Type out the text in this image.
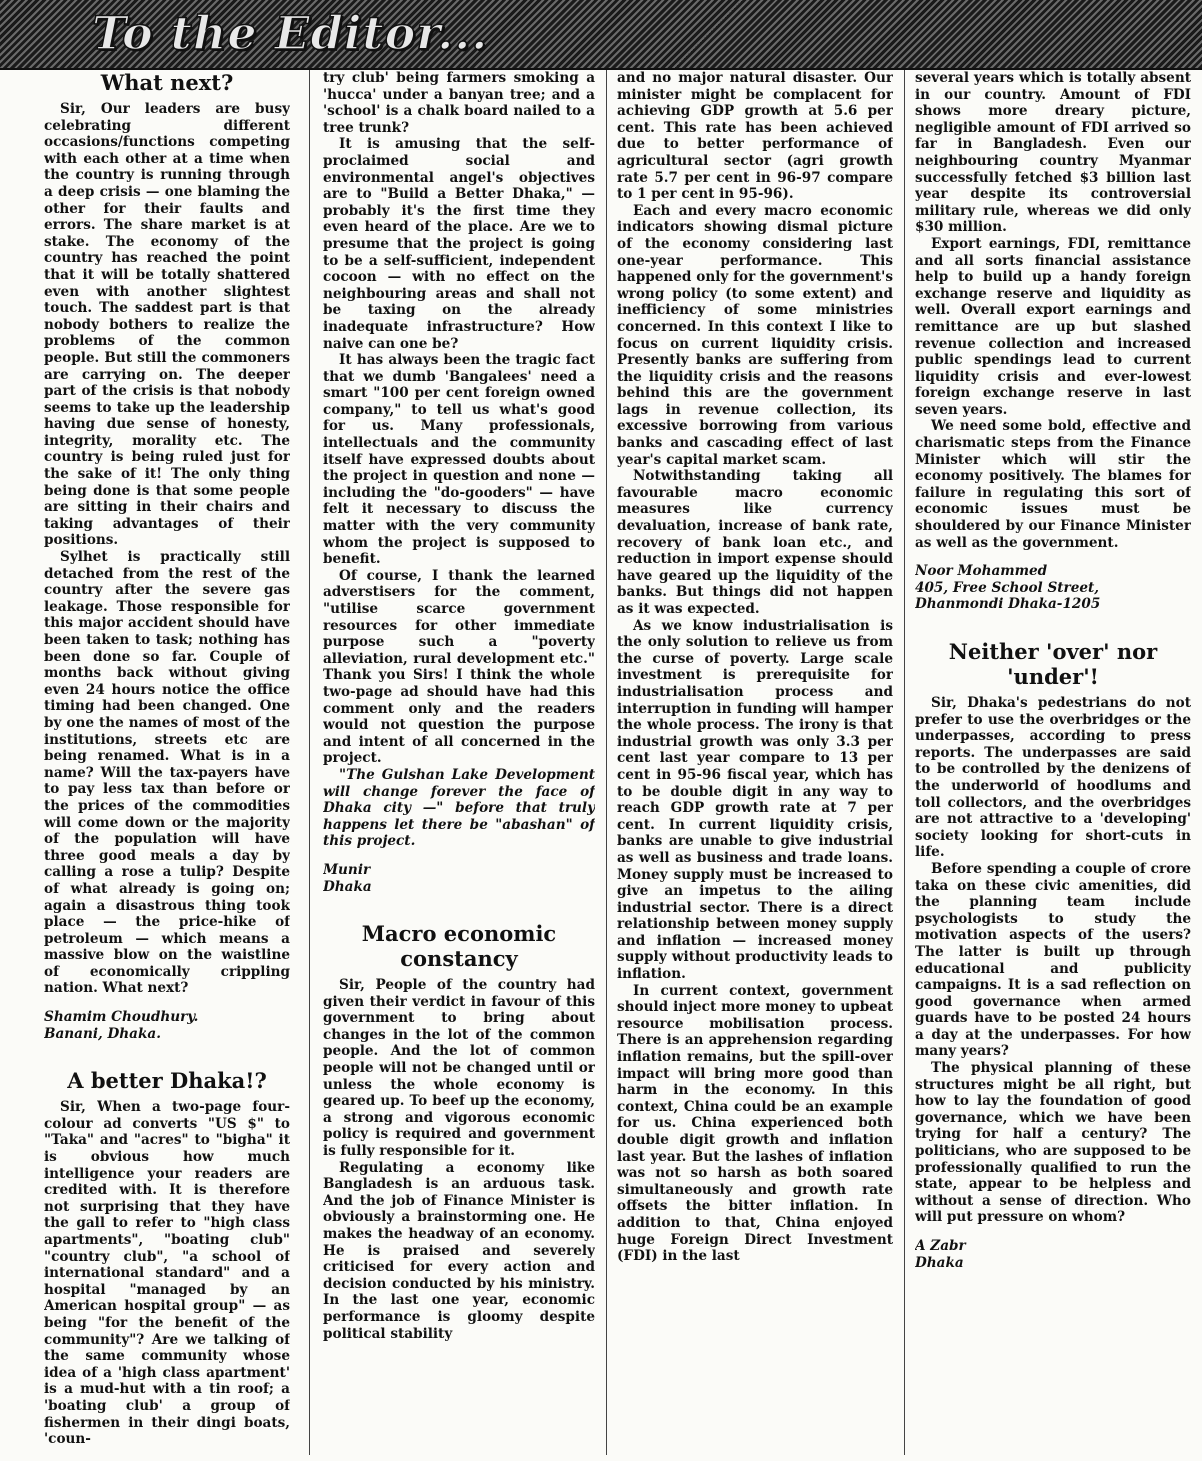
To the Editor...
What next?

Sir, Our leaders are busy celebrating different occasions/functions competing with each other at a time when the country is running through a deep crisis — one blaming the other for their faults and errors. The share market is at stake. The economy of the country has reached the point that it will be totally shattered even with another slightest touch. The saddest part is that nobody bothers to realize the problems of the common people. But still the commoners are carrying on. The deeper part of the crisis is that nobody seems to take up the leadership having due sense of honesty, integrity, morality etc. The country is being ruled just for the sake of it! The only thing being done is that some people are sitting in their chairs and taking advantages of their positions.

Sylhet is practically still detached from the rest of the country after the severe gas leakage. Those responsible for this major accident should have been taken to task; nothing has been done so far. Couple of months back without giving even 24 hours notice the office timing had been changed. One by one the names of most of the institutions, streets etc are being renamed. What is in a name? Will the tax-payers have to pay less tax than before or the prices of the commodities will come down or the majority of the population will have three good meals a day by calling a rose a tulip? Despite of what already is going on; again a disastrous thing took place — the price-hike of petroleum — which means a massive blow on the waistline of economically crippling nation. What next?

Shamim Choudhury.
Banani, Dhaka.
A better Dhaka!?

Sir, When a two-page four-colour ad converts "US $" to "Taka" and "acres" to "bigha" it is obvious how much intelligence your readers are credited with. It is therefore not surprising that they have the gall to refer to "high class apartments", "boating club" "country club", "a school of international standard" and a hospital "managed by an American hospital group" — as being "for the benefit of the community"? Are we talking of the same community whose idea of a 'high class apartment' is a mud-hut with a tin roof; a 'boating club' a group of fishermen in their dingi boats, 'coun-

try club' being farmers smoking a 'hucca' under a banyan tree; and a 'school' is a chalk board nailed to a tree trunk?

It is amusing that the self-proclaimed social and environmental angel's objectives are to "Build a Better Dhaka," — probably it's the first time they even heard of the place. Are we to presume that the project is going to be a self-sufficient, independent cocoon — with no effect on the neighbouring areas and shall not be taxing on the already inadequate infrastructure? How naive can one be?

It has always been the tragic fact that we dumb 'Bangalees' need a smart "100 per cent foreign owned company," to tell us what's good for us. Many professionals, intellectuals and the community itself have expressed doubts about the project in question and none — including the "do-gooders" — have felt it necessary to discuss the matter with the very community whom the project is supposed to benefit.

Of course, I thank the learned adverstisers for the comment, "utilise scarce government resources for other immediate purpose such a "poverty alleviation, rural development etc." Thank you Sirs! I think the whole two-page ad should have had this comment only and the readers would not question the purpose and intent of all concerned in the project.

"The Gulshan Lake Development will change forever the face of Dhaka city —" before that truly happens let there be "abashan" of this project.

Munir
Dhaka
Macro economic constancy

Sir, People of the country had given their verdict in favour of this government to bring about changes in the lot of the common people. And the lot of common people will not be changed until or unless the whole economy is geared up. To beef up the economy, a strong and vigorous economic policy is required and government is fully responsible for it.

Regulating a economy like Bangladesh is an arduous task. And the job of Finance Minister is obviously a brainstorming one. He makes the headway of an economy. He is praised and severely criticised for every action and decision conducted by his ministry. In the last one year, economic performance is gloomy despite political stability

and no major natural disaster. Our minister might be complacent for achieving GDP growth at 5.6 per cent. This rate has been achieved due to better performance of agricultural sector (agri growth rate 5.7 per cent in 96-97 compare to 1 per cent in 95-96).

Each and every macro economic indicators showing dismal picture of the economy considering last one-year performance. This happened only for the government's wrong policy (to some extent) and inefficiency of some ministries concerned. In this context I like to focus on current liquidity crisis. Presently banks are suffering from the liquidity crisis and the reasons behind this are the government lags in revenue collection, its excessive borrowing from various banks and cascading effect of last year's capital market scam.

Notwithstanding taking all favourable macro economic measures like currency devaluation, increase of bank rate, recovery of bank loan etc., and reduction in import expense should have geared up the liquidity of the banks. But things did not happen as it was expected.

As we know industrialisation is the only solution to relieve us from the curse of poverty. Large scale investment is prerequisite for industrialisation process and interruption in funding will hamper the whole process. The irony is that industrial growth was only 3.3 per cent last year compare to 13 per cent in 95-96 fiscal year, which has to be double digit in any way to reach GDP growth rate at 7 per cent. In current liquidity crisis, banks are unable to give industrial as well as business and trade loans. Money supply must be increased to give an impetus to the ailing industrial sector. There is a direct relationship between money supply and inflation — increased money supply without productivity leads to inflation.

In current context, government should inject more money to upbeat resource mobilisation process. There is an apprehension regarding inflation remains, but the spill-over impact will bring more good than harm in the economy. In this context, China could be an example for us. China experienced both double digit growth and inflation last year. But the lashes of inflation was not so harsh as both soared simultaneously and growth rate offsets the bitter inflation. In addition to that, China enjoyed huge Foreign Direct Investment (FDI) in the last

several years which is totally absent in our country. Amount of FDI shows more dreary picture, negligible amount of FDI arrived so far in Bangladesh. Even our neighbouring country Myanmar successfully fetched $3 billion last year despite its controversial military rule, whereas we did only $30 million.

Export earnings, FDI, remittance and all sorts financial assistance help to build up a handy foreign exchange reserve and liquidity as well. Overall export earnings and remittance are up but slashed revenue collection and increased public spendings lead to current liquidity crisis and ever-lowest foreign exchange reserve in last seven years.

We need some bold, effective and charismatic steps from the Finance Minister which will stir the economy positively. The blames for failure in regulating this sort of economic issues must be shouldered by our Finance Minister as well as the government.

Noor Mohammed
405, Free School Street,
Dhanmondi Dhaka-1205
Neither 'over' nor 'under'!

Sir, Dhaka's pedestrians do not prefer to use the overbridges or the underpasses, according to press reports. The underpasses are said to be controlled by the denizens of the underworld of hoodlums and toll collectors, and the overbridges are not attractive to a 'developing' society looking for short-cuts in life.

Before spending a couple of crore taka on these civic amenities, did the planning team include psychologists to study the motivation aspects of the users? The latter is built up through educational and publicity campaigns. It is a sad reflection on good governance when armed guards have to be posted 24 hours a day at the underpasses. For how many years?

The physical planning of these structures might be all right, but how to lay the foundation of good governance, which we have been trying for half a century? The politicians, who are supposed to be professionally qualified to run the state, appear to be helpless and without a sense of direction. Who will put pressure on whom?

A Zabr
Dhaka
